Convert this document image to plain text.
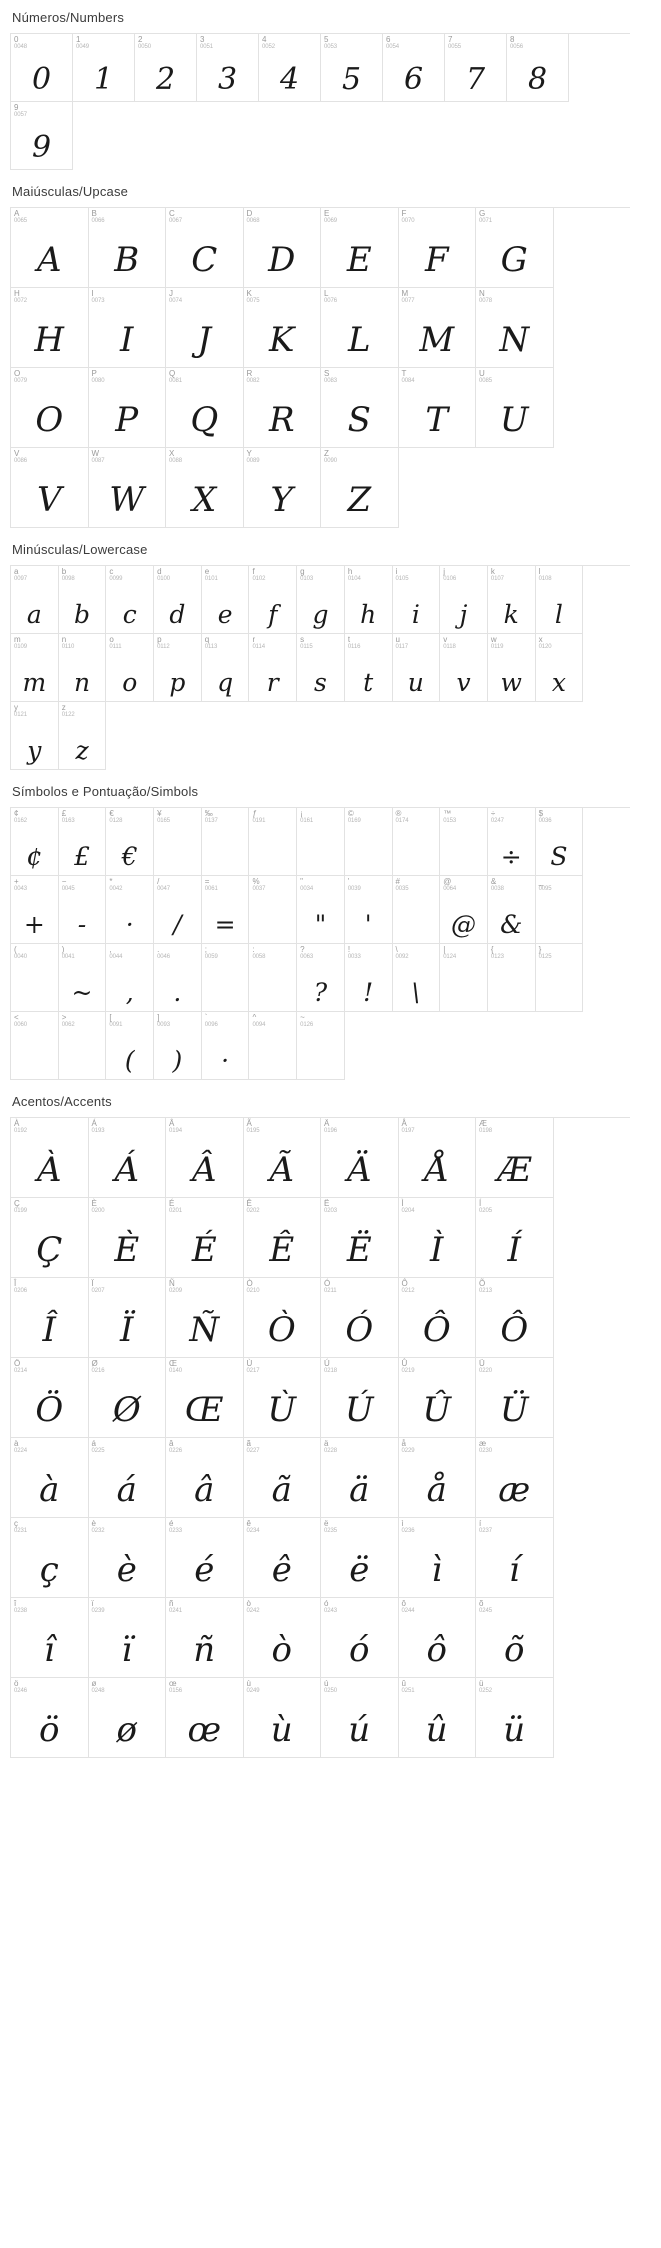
Números/Numbers
0
0048
0
1
0049
1
2
0050
2
3
0051
3
4
0052
4
5
0053
5
6
0054
6
7
0055
7
8
0056
8
9
0057
9
Maiúsculas/Upcase
A
0065
A
B
0066
B
C
0067
C
D
0068
D
E
0069
E
F
0070
F
G
0071
G
H
0072
H
I
0073
I
J
0074
J
K
0075
K
L
0076
L
M
0077
M
N
0078
N
O
0079
O
P
0080
P
Q
0081
Q
R
0082
R
S
0083
S
T
0084
T
U
0085
U
V
0086
V
W
0087
W
X
0088
X
Y
0089
Y
Z
0090
Z
Minúsculas/Lowercase
a
0097
a
b
0098
b
c
0099
c
d
0100
d
e
0101
e
f
0102
f
g
0103
g
h
0104
h
i
0105
i
j
0106
j
k
0107
k
l
0108
l
m
0109
m
n
0110
n
o
0111
o
p
0112
p
q
0113
q
r
0114
r
s
0115
s
t
0116
t
u
0117
u
v
0118
v
w
0119
w
x
0120
x
y
0121
y
z
0122
z
Símbolos e Pontuação/Simbols
¢
0162
¢
£
0163
£
€
0128
€
¥
0165
‰
0137
ƒ
0191
¡
0161
©
0169
®
0174
™
0153
÷
0247
÷
$
0036
S
+
0043
+
−
0045
-
*
0042
·
/
0047
/
=
0061
=
%
0037
"
0034
"
'
0039
'
#
0035
@
0064
@
&
0038
&
_
0095
(
0040
)
0041
~
,
0044
,
.
0046
.
;
0059
:
0058
?
0063
?
!
0033
!
\
0092
\
|
0124
{
0123
}
0125
<
0060
>
0062
[
0091
(
]
0093
)
`
0096
·
^
0094
~
0126
Acentos/Accents
À
0192
À
Á
0193
Á
Â
0194
Â
Ã
0195
Ã
Ä
0196
Ä
Å
0197
Å
Æ
0198
Æ
Ç
0199
Ç
È
0200
È
É
0201
É
Ê
0202
Ê
Ë
0203
Ë
Ì
0204
Ì
Í
0205
Í
Î
0206
Î
Ï
0207
Ï
Ñ
0209
Ñ
Ò
0210
Ò
Ó
0211
Ó
Ô
0212
Ô
Õ
0213
Ô
Ö
0214
Ö
Ø
0216
Ø
Œ
0140
Œ
Ù
0217
Ù
Ú
0218
Ú
Û
0219
Û
Ü
0220
Ü
à
0224
à
á
0225
á
â
0226
â
ã
0227
ã
ä
0228
ä
å
0229
å
æ
0230
æ
ç
0231
ç
è
0232
è
é
0233
é
ê
0234
ê
ë
0235
ë
ì
0236
ì
í
0237
í
î
0238
î
ï
0239
ï
ñ
0241
ñ
ò
0242
ò
ó
0243
ó
ô
0244
ô
õ
0245
õ
ö
0246
ö
ø
0248
ø
œ
0156
œ
ù
0249
ù
ú
0250
ú
û
0251
û
ü
0252
ü
